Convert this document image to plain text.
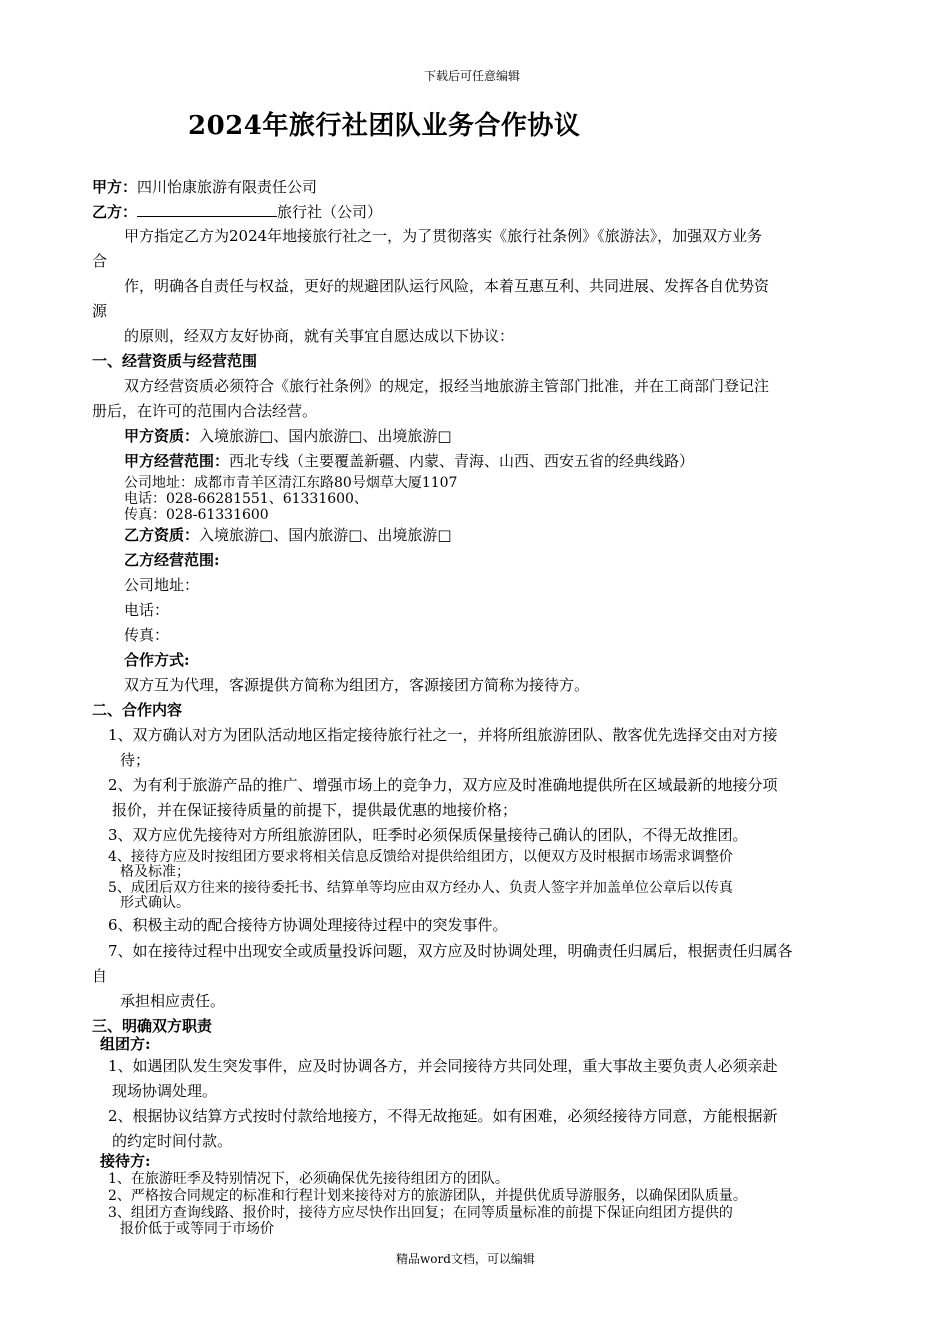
下载后可任意编辑
2024年旅行社团队业务合作协议
甲方：四川怡康旅游有限责任公司
乙方：	旅行社（公司）
甲方指定乙方为2024年地接旅行社之一，为了贯彻落实《旅行社条例》《旅游法》，加强双方业务
合
作，明确各自责任与权益，更好的规避团队运行风险，本着互惠互利、共同进展、发挥各自优势资
源
的原则，经双方友好协商，就有关事宜自愿达成以下协议：
一、经营资质与经营范围
双方经营资质必须符合《旅行社条例》的规定，报经当地旅游主管部门批准，并在工商部门登记注
册后，在许可的范围内合法经营。
甲方资质：入境旅游□、国内旅游□、出境旅游□
甲方经营范围：西北专线（主要覆盖新疆、内蒙、青海、山西、西安五省的经典线路）
公司地址：成都市青羊区清江东路80号烟草大厦1107
电话：028-66281551、61331600、
传真：028-61331600
乙方资质：入境旅游□、国内旅游□、出境旅游□
乙方经营范围:
公司地址：
电话：
传真：
合作方式:
双方互为代理，客源提供方简称为组团方，客源接团方简称为接待方。
二、合作内容
1、双方确认对方为团队活动地区指定接待旅行社之一，并将所组旅游团队、散客优先选择交由对方接
待；
2、为有利于旅游产品的推广、增强市场上的竞争力，双方应及时准确地提供所在区域最新的地接分项
报价，并在保证接待质量的前提下，提供最优惠的地接价格；
3、双方应优先接待对方所组旅游团队，旺季时必须保质保量接待己确认的团队，不得无故推团。
4、接待方应及时按组团方要求将相关信息反馈给对提供给组团方，以便双方及时根据市场需求调整价
格及标准；
5、成团后双方往来的接待委托书、结算单等均应由双方经办人、负责人签字并加盖单位公章后以传真
形式确认。
6、积极主动的配合接待方协调处理接待过程中的突发事件。
7、如在接待过程中出现安全或质量投诉问题，双方应及时协调处理，明确责任归属后，根据责任归属各
自
承担相应责任。
三、明确双方职责
组团方:
1、如遇团队发生突发事件，应及时协调各方，并会同接待方共同处理，重大事故主要负责人必须亲赴
现场协调处理。
2、根据协议结算方式按时付款给地接方，不得无故拖延。如有困难，必须经接待方同意，方能根据新
的约定时间付款。
接待方:
1、在旅游旺季及特别情况下，必须确保优先接待组团方的团队。
2、严格按合同规定的标准和行程计划来接待对方的旅游团队，并提供优质导游服务，以确保团队质量。
3、组团方查询线路、报价时，接待方应尽快作出回复；在同等质量标准的前提下保证向组团方提供的
报价低于或等同于市场价
精品word文档，可以编辑
